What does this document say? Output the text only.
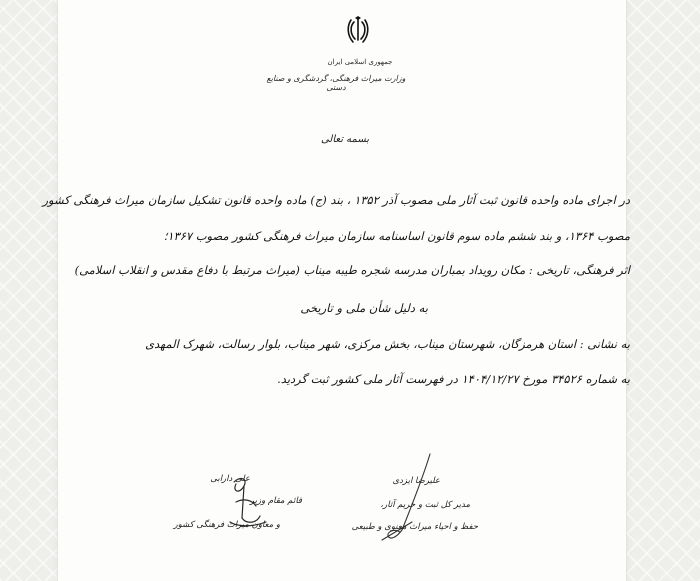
جمهوری اسلامی ایران
وزارت میراث فرهنگی، گردشگری و صنایع دستی
بسمه تعالی
در اجرای ماده واحده قانون ثبت آثار ملی مصوب آذر ۱۳۵۲ ، بند (ج) ماده واحده قانون تشکیل سازمان میراث فرهنگی کشور
مصوب ۱۳۶۴، و بند ششم ماده سوم قانون اساسنامه سازمان میراث فرهنگی کشور مصوب ۱۳۶۷؛
اثر فرهنگی، تاریخی : مکان رویداد بمباران مدرسه شجره طیبه میناب (میراث مرتبط با دفاع مقدس و انقلاب اسلامی)
به دلیل شأن ملی و تاریخی
به نشانی : استان هرمزگان، شهرستان میناب، بخش مرکزی، شهر میناب، بلوار رسالت، شهرک المهدی
به شماره ۳۴۵۲۶ مورخ ۱۴۰۴/۱۲/۲۷ در فهرست آثار ملی کشور ثبت گردید.
علیرضا ایزدی
مدیر کل ثبت و حریم آثار،
حفظ و احیاء میراث معنوی و طبیعی
علی دارابی
قائم مقام وزیر
و معاون میراث فرهنگی کشور
